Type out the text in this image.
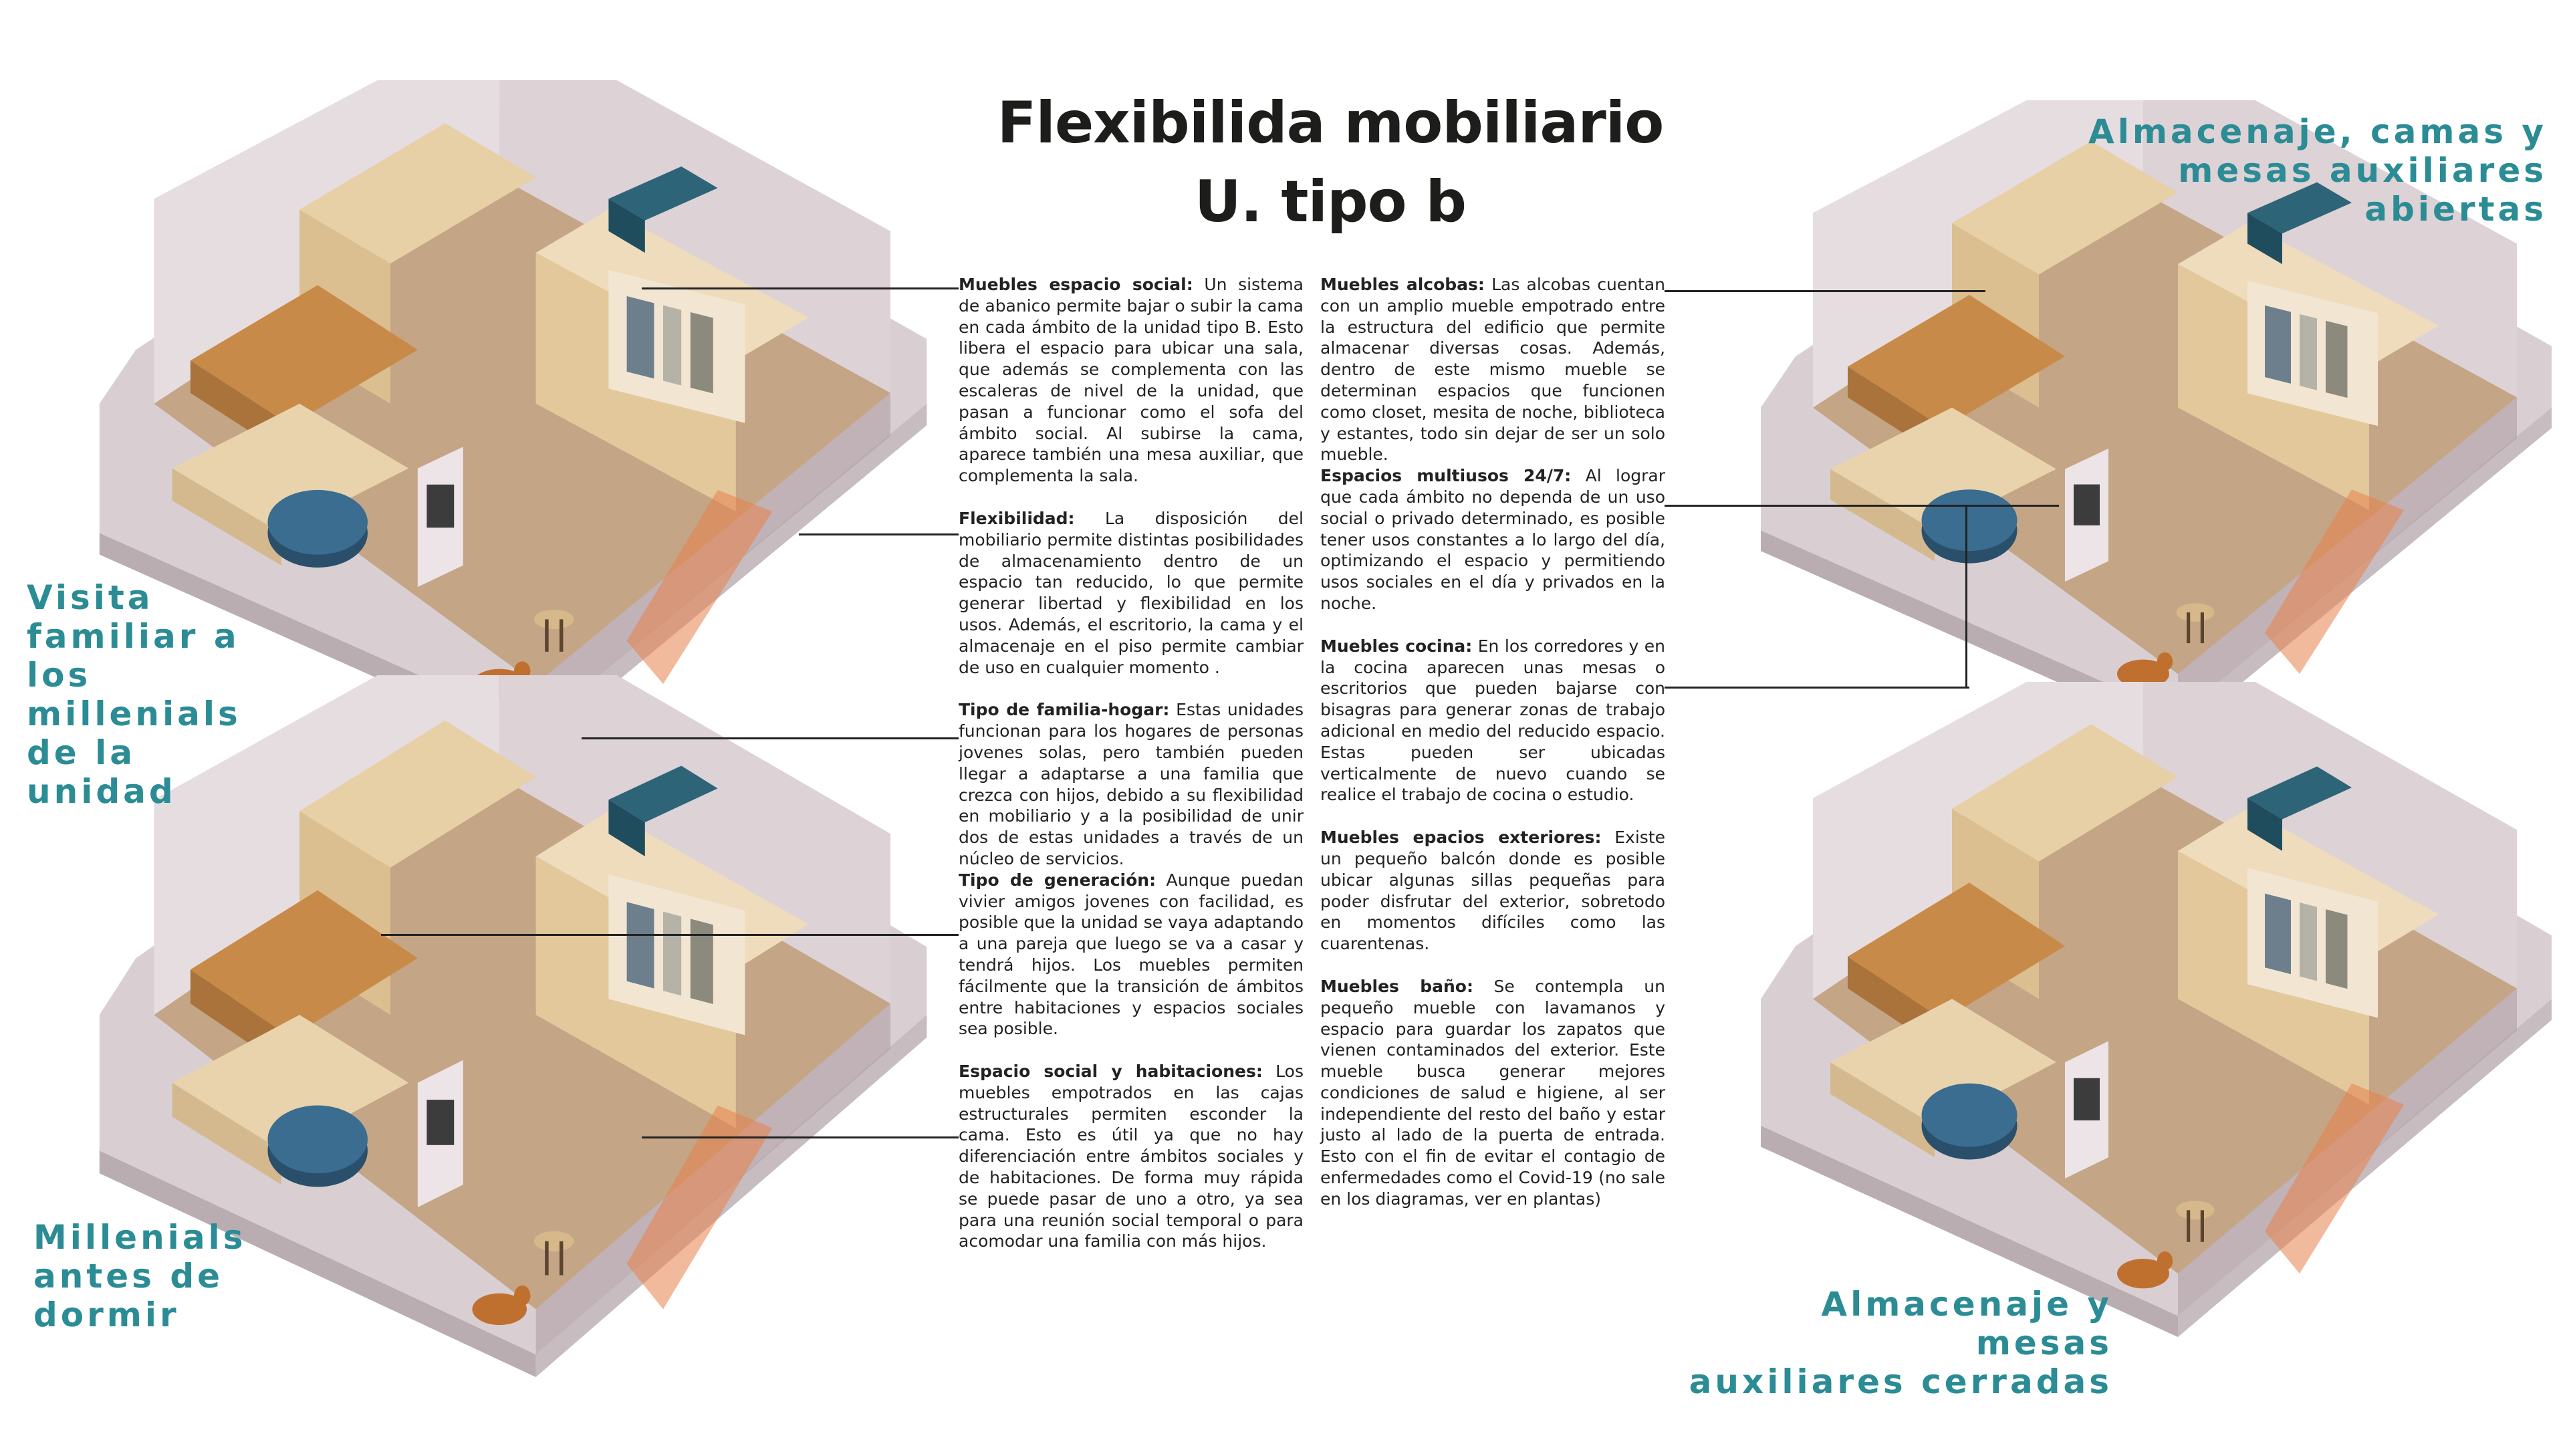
Flexibilida mobiliario
U. tipo b
Visita
familiar a
los
millenials
de la
unidad
Millenials
antes de
dormir
Almacenaje, camas y
mesas auxiliares
abiertas
Almacenaje y mesas
auxiliares cerradas

Muebles espacio social: Un sistema de abanico permite bajar o subir la cama en cada ámbito de la unidad tipo B. Esto libera el espacio para ubicar una sala, que además se complementa con las escaleras de nivel de la unidad, que pasan a funcionar como el sofa del ámbito social. Al subirse la cama, aparece también una mesa auxiliar, que complementa la sala.

Flexibilidad: La disposición del mobiliario permite distintas posibilidades de almacenamiento dentro de un espacio tan reducido, lo que permite generar libertad y flexibilidad en los usos. Además, el escritorio, la cama y el almacenaje en el piso permite cambiar de uso en cualquier momento .

Tipo de familia-hogar: Estas unidades funcionan para los hogares de personas jovenes solas, pero también pueden llegar a adaptarse a una familia que crezca con hijos, debido a su flexibilidad en mobiliario y a la posibilidad de unir dos de estas unidades a través de un núcleo de servicios.

Tipo de generación: Aunque puedan vivier amigos jovenes con facilidad, es posible que la unidad se vaya adaptando a una pareja que luego se va a casar y tendrá hijos. Los muebles permiten fácilmente que la transición de ámbitos entre habitaciones y espacios sociales sea posible.

Espacio social y habitaciones: Los muebles empotrados en las cajas estructurales permiten esconder la cama. Esto es útil ya que no hay diferenciación entre ámbitos sociales y de habitaciones. De forma muy rápida se puede pasar de uno a otro, ya sea para una reunión social temporal o para acomodar una familia con más hijos.

Muebles alcobas: Las alcobas cuentan con un amplio mueble empotrado entre la estructura del edificio que permite almacenar diversas cosas. Además, dentro de este mismo mueble se determinan espacios que funcionen como closet, mesita de noche, biblioteca y estantes, todo sin dejar de ser un solo mueble.

Espacios multiusos 24/7: Al lograr que cada ámbito no dependa de un uso social o privado determinado, es posible tener usos constantes a lo largo del día, optimizando el espacio y permitiendo usos sociales en el día y privados en la noche.

Muebles cocina: En los corredores y en la cocina aparecen unas mesas o escritorios que pueden bajarse con bisagras para generar zonas de trabajo adicional en medio del reducido espacio. Estas pueden ser ubicadas verticalmente de nuevo cuando se realice el trabajo de cocina o estudio.

Muebles epacios exteriores: Existe un pequeño balcón donde es posible ubicar algunas sillas pequeñas para poder disfrutar del exterior, sobretodo en momentos difíciles como las cuarentenas.

Muebles baño: Se contempla un pequeño mueble con lavamanos y espacio para guardar los zapatos que vienen contaminados del exterior. Este mueble busca generar mejores condiciones de salud e higiene, al ser independiente del resto del baño y estar justo al lado de la puerta de entrada. Esto con el fin de evitar el contagio de enfermedades como el Covid-19 (no sale en los diagramas, ver en plantas)
